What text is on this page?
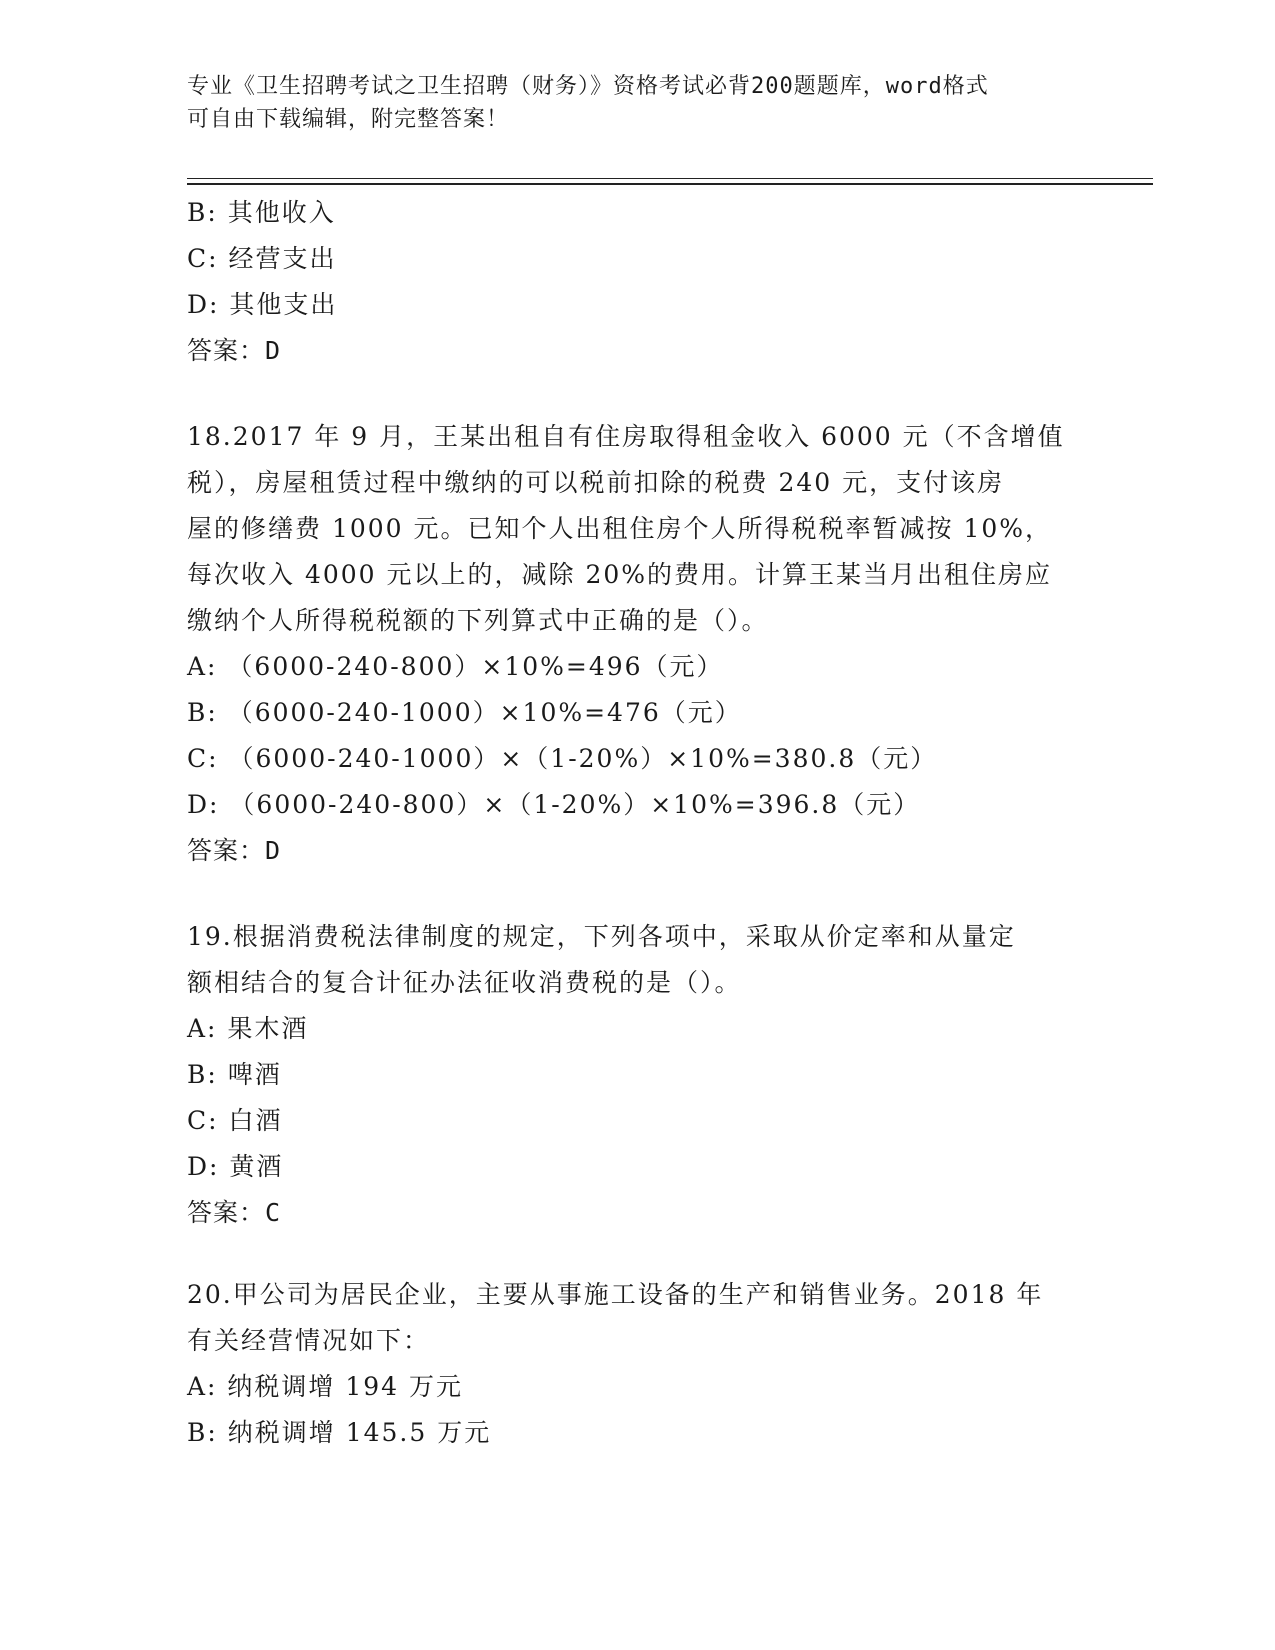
专业《卫生招聘考试之卫生招聘（财务）》资格考试必背200题题库，word格式
可自由下载编辑，附完整答案！
B: 其他收入
C: 经营支出
D: 其他支出
答案：D
18.2017 年 9 月，王某出租自有住房取得租金收入 6000 元（不含增值
税），房屋租赁过程中缴纳的可以税前扣除的税费 240 元，支付该房
屋的修缮费 1000 元。已知个人出租住房个人所得税税率暂减按 10%，
每次收入 4000 元以上的，减除 20%的费用。计算王某当月出租住房应
缴纳个人所得税税额的下列算式中正确的是（）。
A: （6000-240-800）×10%=496（元）
B: （6000-240-1000）×10%=476（元）
C: （6000-240-1000）×（1-20%）×10%=380.8（元）
D: （6000-240-800）×（1-20%）×10%=396.8（元）
答案：D
19.根据消费税法律制度的规定，下列各项中，采取从价定率和从量定
额相结合的复合计征办法征收消费税的是（）。
A: 果木酒
B: 啤酒
C: 白酒
D: 黄酒
答案：C
20.甲公司为居民企业，主要从事施工设备的生产和销售业务。2018 年
有关经营情况如下：
A: 纳税调增 194 万元
B: 纳税调增 145.5 万元
